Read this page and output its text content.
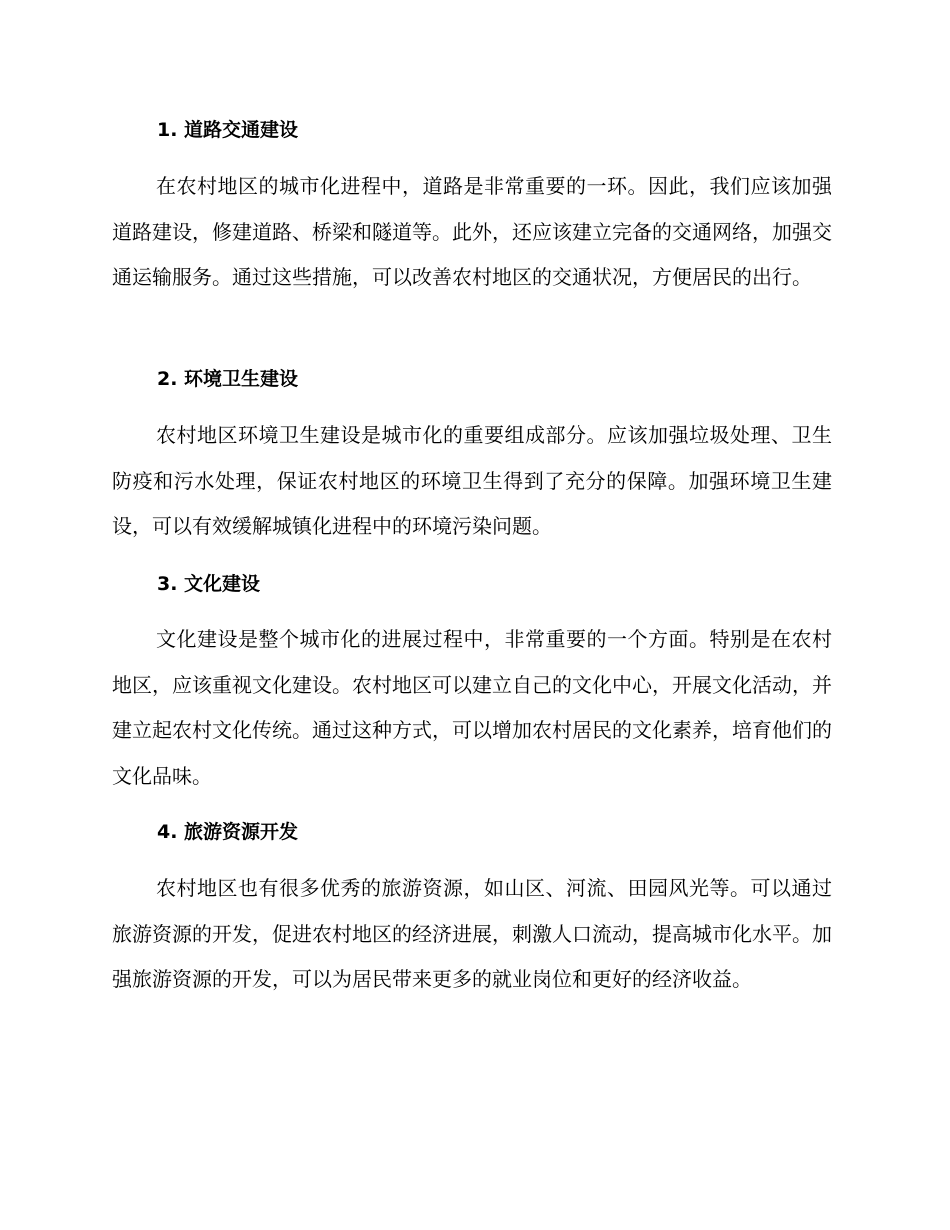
1. 道路交通建设

在农村地区的城市化进程中，道路是非常重要的一环。因此，我们应该加强道路建设，修建道路、桥梁和隧道等。此外，还应该建立完备的交通网络，加强交通运输服务。通过这些措施，可以改善农村地区的交通状况，方便居民的出行。

2. 环境卫生建设

农村地区环境卫生建设是城市化的重要组成部分。应该加强垃圾处理、卫生防疫和污水处理，保证农村地区的环境卫生得到了充分的保障。加强环境卫生建设，可以有效缓解城镇化进程中的环境污染问题。

3. 文化建设

文化建设是整个城市化的进展过程中，非常重要的一个方面。特别是在农村地区，应该重视文化建设。农村地区可以建立自己的文化中心，开展文化活动，并建立起农村文化传统。通过这种方式，可以增加农村居民的文化素养，培育他们的文化品味。

4. 旅游资源开发

农村地区也有很多优秀的旅游资源，如山区、河流、田园风光等。可以通过旅游资源的开发，促进农村地区的经济进展，刺激人口流动，提高城市化水平。加强旅游资源的开发，可以为居民带来更多的就业岗位和更好的经济收益。
